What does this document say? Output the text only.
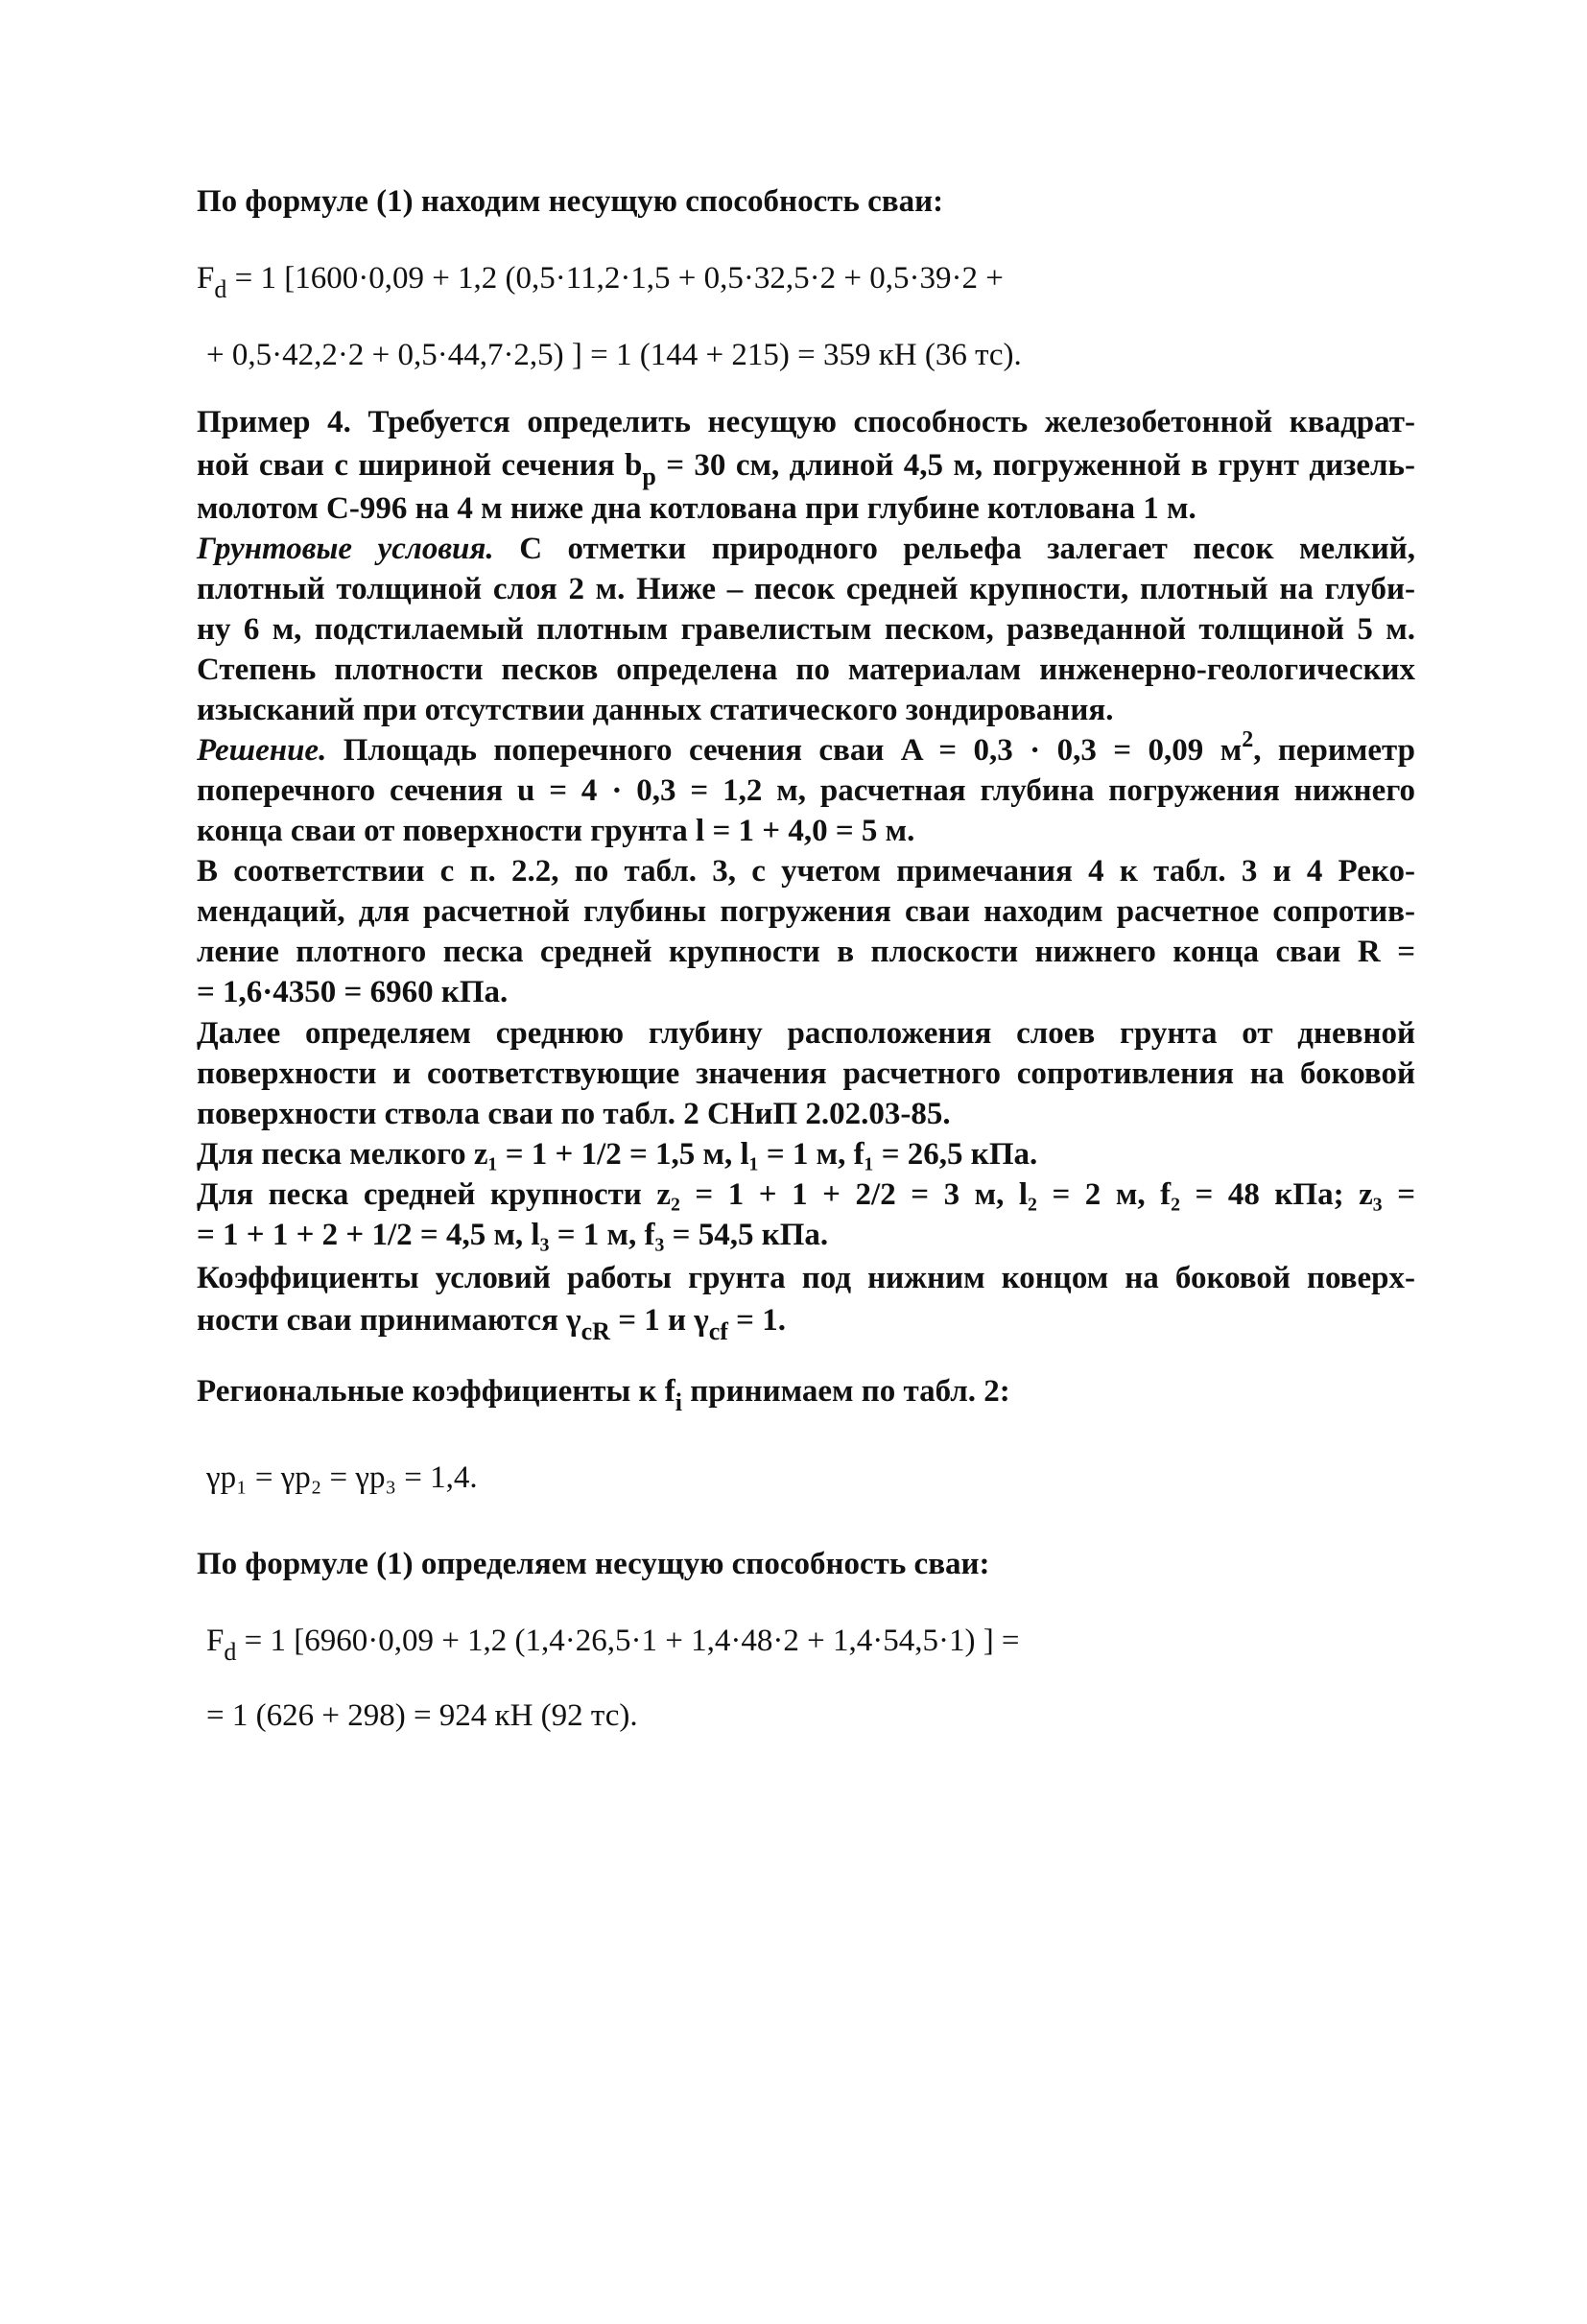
По формуле (1) находим несущую способность сваи:
$F_d = 1$ [1600·0,09 + 1,2 (0,5·11,2·1,5 + 0,5·32,5·2 + 0,5·39·2 +
+ 0,5·42,2·2 + 0,5·44,7·2,5) ] = 1 (144 + 215) = 359 кН (36 тс).
Пример 4. Требуется определить несущую способность железобетонной квадрат-
ной сваи с шириной сечения $b_p = 30$ см, длиной 4,5 м, погруженной в грунт дизель-
молотом С-996 на 4 м ниже дна котлована при глубине котлована 1 м.
Грунтовые условия. С отметки природного рельефа залегает песок мелкий,
плотный толщиной слоя 2 м. Ниже – песок средней крупности, плотный на глуби-
ну 6 м, подстилаемый плотным гравелистым песком, разведанной толщиной 5 м.
Степень плотности песков определена по материалам инженерно-геологических
изысканий при отсутствии данных статического зондирования.
Решение. Площадь поперечного сечения сваи A = 0,3 · 0,3 = 0,09 $м^2$, периметр
поперечного сечения u = 4 · 0,3 = 1,2 м, расчетная глубина погружения нижнего
конца сваи от поверхности грунта l = 1 + 4,0 = 5 м.
В соответствии с п. 2.2, по табл. 3, с учетом примечания 4 к табл. 3 и 4 Реко-
мендаций, для расчетной глубины погружения сваи находим расчетное сопротив-
ление плотного песка средней крупности в плоскости нижнего конца сваи R =
= 1,6·4350 = 6960 кПа.
Далее определяем среднюю глубину расположения слоев грунта от дневной
поверхности и соответствующие значения расчетного сопротивления на боковой
поверхности ствола сваи по табл. 2 СНиП 2.02.03-85.
Для песка мелкого z₁ = 1 + 1/2 = 1,5 м, l₁ = 1 м, f₁ = 26,5 кПа.
Для песка средней крупности z₂ = 1 + 1 + 2/2 = 3 м, l₂ = 2 м, f₂ = 48 кПа; z₃ =
= 1 + 1 + 2 + 1/2 = 4,5 м, l₃ = 1 м, f₃ = 54,5 кПа.
Коэффициенты условий работы грунта под нижним концом на боковой поверх-
ности сваи принимаются $\gamma_{cR} = 1$ и $\gamma_{cf} = 1$.
Региональные коэффициенты к $f_i$ принимаем по табл. 2:
γp₁ = γp₂ = γp₃ = 1,4.
По формуле (1) определяем несущую способность сваи:
$F_d = 1$ [6960·0,09 + 1,2 (1,4·26,5·1 + 1,4·48·2 + 1,4·54,5·1) ] =
= 1 (626 + 298) = 924 кН (92 тс).
